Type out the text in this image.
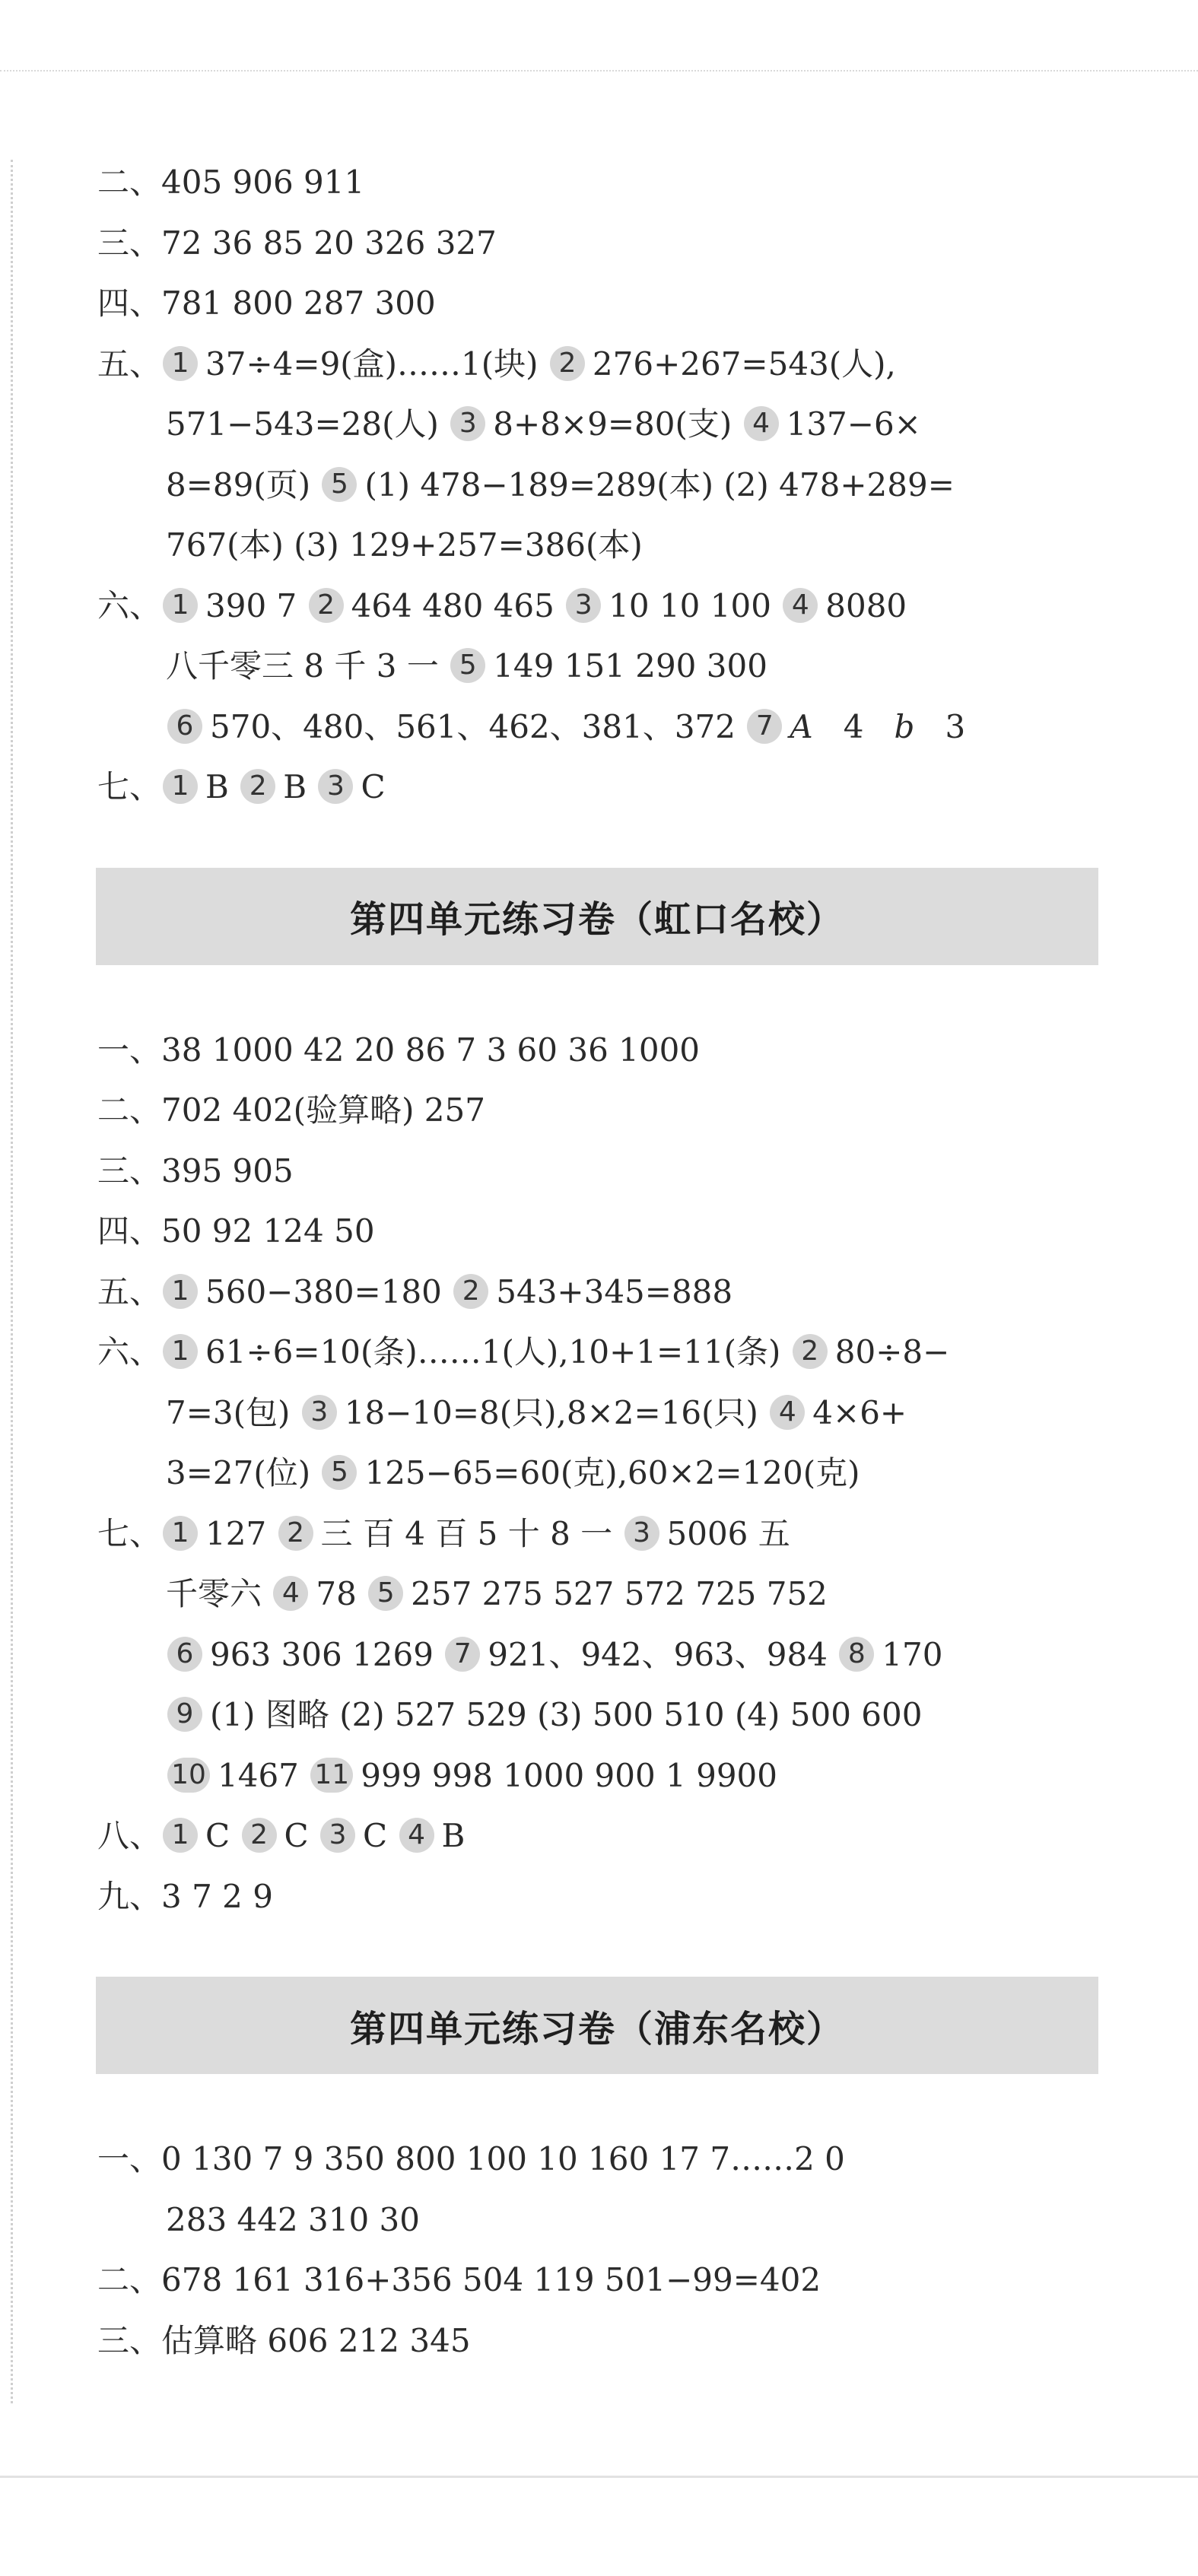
二、405 906 911
三、72 36 85 20 326 327
四、781 800 287 300
五、 1 37÷4=9(盒)……1(块) 2 276+267=543(人),
571−543=28(人) 3 8+8×9=80(支) 4 137−6×
8=89(页) 5 (1) 478−189=289(本) (2) 478+289=
767(本) (3) 129+257=386(本)
六、 1 390 7 2 464 480 465 3 10 10 100 4 8080
八千零三 8 千 3 一 5 149 151 290 300
6 570、480、561、462、381、372 7 A 4 b 3
七、 1 B 2 B 3 C
第四单元练习卷（虹口名校）
一、38 1000 42 20 86 7 3 60 36 1000
二、702 402(验算略) 257
三、395 905
四、50 92 124 50
五、 1 560−380=180 2 543+345=888
六、 1 61÷6=10(条)……1(人),10+1=11(条) 2 80÷8−
7=3(包) 3 18−10=8(只),8×2=16(只) 4 4×6+
3=27(位) 5 125−65=60(克),60×2=120(克)
七、 1 127 2 三 百 4 百 5 十 8 一 3 5006 五
千零六 4 78 5 257 275 527 572 725 752
6 963 306 1269 7 921、942、963、984 8 170
9 (1) 图略 (2) 527 529 (3) 500 510 (4) 500 600
10 1467 11 999 998 1000 900 1 9900
八、 1 C 2 C 3 C 4 B
九、3 7 2 9
第四单元练习卷（浦东名校）
一、0 130 7 9 350 800 100 10 160 17 7……2 0
283 442 310 30
二、678 161 316+356 504 119 501−99=402
三、估算略 606 212 345
